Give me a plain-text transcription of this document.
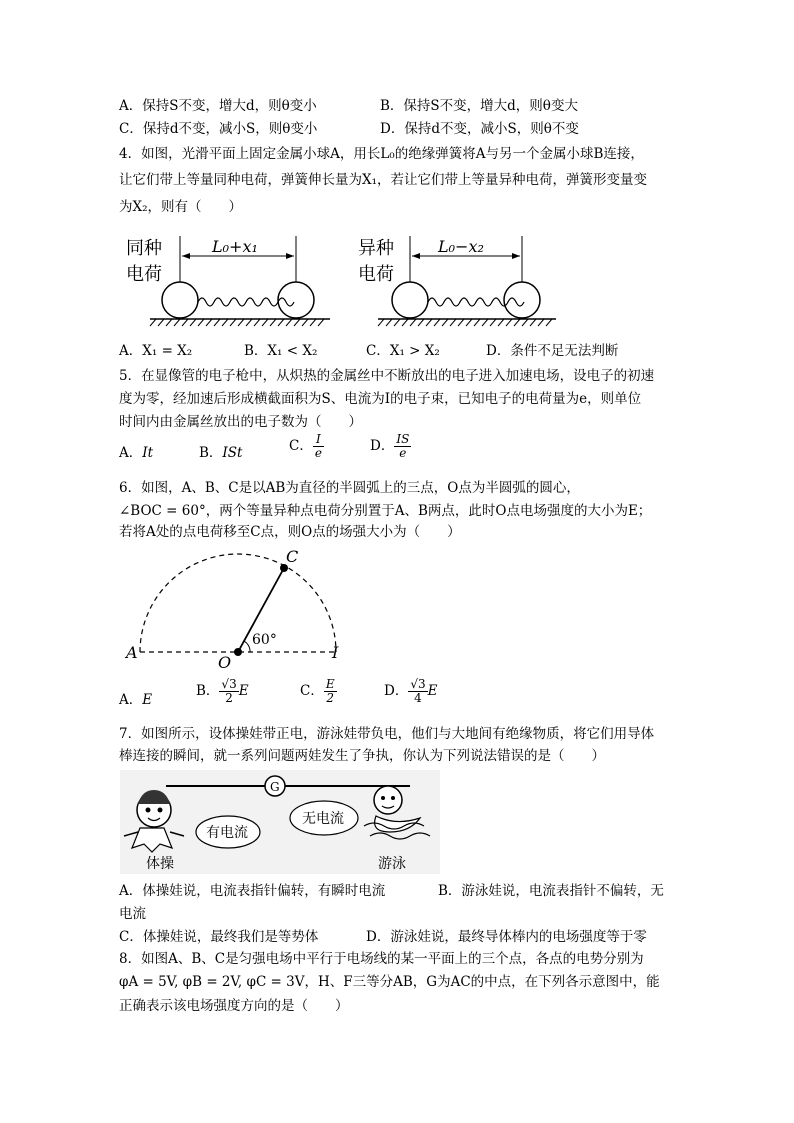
A．保持S不变，增大d，则θ变小	B．保持S不变，增大d，则θ变大
C．保持d不变，减小S，则θ变小	D．保持d不变，减小S，则θ不变
4．如图，光滑平面上固定金属小球A，用长L₀的绝缘弹簧将A与另一个金属小球B连接，
让它们带上等量同种电荷，弹簧伸长量为X₁，若让它们带上等量异种电荷，弹簧形变量变
为X₂，则有（　　）
同种
电荷
L₀+x₁	异种
电荷
L₀−x₂
A．X₁ = X₂	B．X₁ < X₂	C．X₁ > X₂	D．条件不足无法判断
5．在显像管的电子枪中，从炽热的金属丝中不断放出的电子进入加速电场，设电子的初速
度为零，经加速后形成横截面积为S、电流为I的电子束，已知电子的电荷量为e，则单位
时间内由金属丝放出的电子数为（　　）
A．It	B．ISt	C． $\frac{I}{e}$	D． $\frac{IS}{e}$
6．如图，A、B、C是以AB为直径的半圆弧上的三点，O点为半圆弧的圆心，
∠BOC = 60°，两个等量异种点电荷分别置于A、B两点，此时O点电场强度的大小为E；
若将A处的点电荷移至C点，则O点的场强大小为（　　）
60°
C
O
A	I
A．E
B． $\frac{√3}{2}$ E	C． $\frac{E}{2}$	D． $\frac{√3}{4}$ E
7．如图所示，设体操娃带正电，游泳娃带负电，他们与大地间有绝缘物质，将它们用导体
棒连接的瞬间，就一系列问题两娃发生了争执，你认为下列说法错误的是（　　）
G
有电流
无电流
体操	游泳
A．体操娃说，电流表指针偏转，有瞬时电流	B．游泳娃说，电流表指针不偏转，无
电流
C．体操娃说，最终我们是等势体	D．游泳娃说，最终导体棒内的电场强度等于零
8．如图A、B、C是匀强电场中平行于电场线的某一平面上的三个点，各点的电势分别为
φA = 5V, φB = 2V, φC = 3V，H、F三等分AB，G为AC的中点，在下列各示意图中，能
正确表示该电场强度方向的是（　　）
